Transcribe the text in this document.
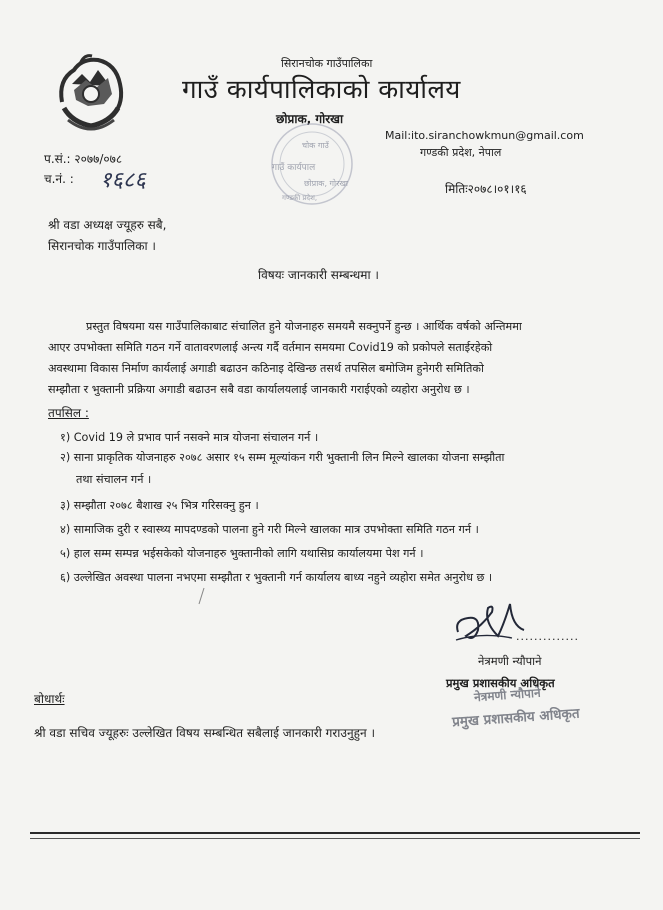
सिरानचोक गाउँपालिका
गाउँ कार्यपालिकाको कार्यालय
छोप्राक, गोरखा
Mail:ito.siranchowkmun@gmail.com
गण्डकी प्रदेश, नेपाल
चोक गाउँ
गाउँ कार्यपाल
छोप्राक, गोरखा
गण्डकी प्रदेश,
प.सं.: २०७७/०७८
च.नं. : १६८६	मितिः२०७८।०१।१६
श्री वडा अध्यक्ष ज्यूहरु सबै,
सिरानचोक गाउँपालिका ।
विषयः जानकारी सम्बन्धमा ।
प्रस्तुत विषयमा यस गाउँपालिकाबाट संचालित हुने योजनाहरु समयमै सक्नुपर्ने हुन्छ । आर्थिक वर्षको अन्तिममा
आएर उपभोक्ता समिति गठन गर्ने वातावरणलाई अन्त्य गर्दै वर्तमान समयमा Covid19 को प्रकोपले सताईरहेको
अवस्थामा विकास निर्माण कार्यलाई अगाडी बढाउन कठिनाइ देखिन्छ तसर्थ तपसिल बमोजिम हुनेगरी समितिको
सम्झौता र भुक्तानी प्रक्रिया अगाडी बढाउन सबै वडा कार्यालयलाई जानकारी गराईएको व्यहोरा अनुरोध छ ।
तपसिल :
१) Covid 19 ले प्रभाव पार्न नसक्ने मात्र योजना संचालन गर्न ।
२) साना प्राकृतिक योजनाहरु २०७८ असार १५ सम्म मूल्यांकन गरी भुक्तानी लिन मिल्ने खालका योजना सम्झौता
तथा संचालन गर्न ।
३) सम्झौता २०७८ बैशाख २५ भित्र गरिसक्नु हुन ।
४) सामाजिक दुरी र स्वास्थ्य मापदण्डको पालना हुने गरी मिल्ने खालका मात्र उपभोक्ता समिति गठन गर्न ।
५) हाल सम्म सम्पन्न भईसकेको योजनाहरु भुक्तानीको लागि यथासिघ्र कार्यालयमा पेश गर्न ।
६) उल्लेखित अवस्था पालना नभएमा सम्झौता र भुक्तानी गर्न कार्यालय बाध्य नहुने व्यहोरा समेत अनुरोध छ ।
..............
नेत्रमणी न्यौपाने
प्रमुख प्रशासकीय अधिकृत
नेत्रमणी न्यौपाने
प्रमुख प्रशासकीय अधिकृत
बोधार्थः
श्री वडा सचिव ज्यूहरुः उल्लेखित विषय सम्बन्धित सबैलाई जानकारी गराउनुहुन ।
